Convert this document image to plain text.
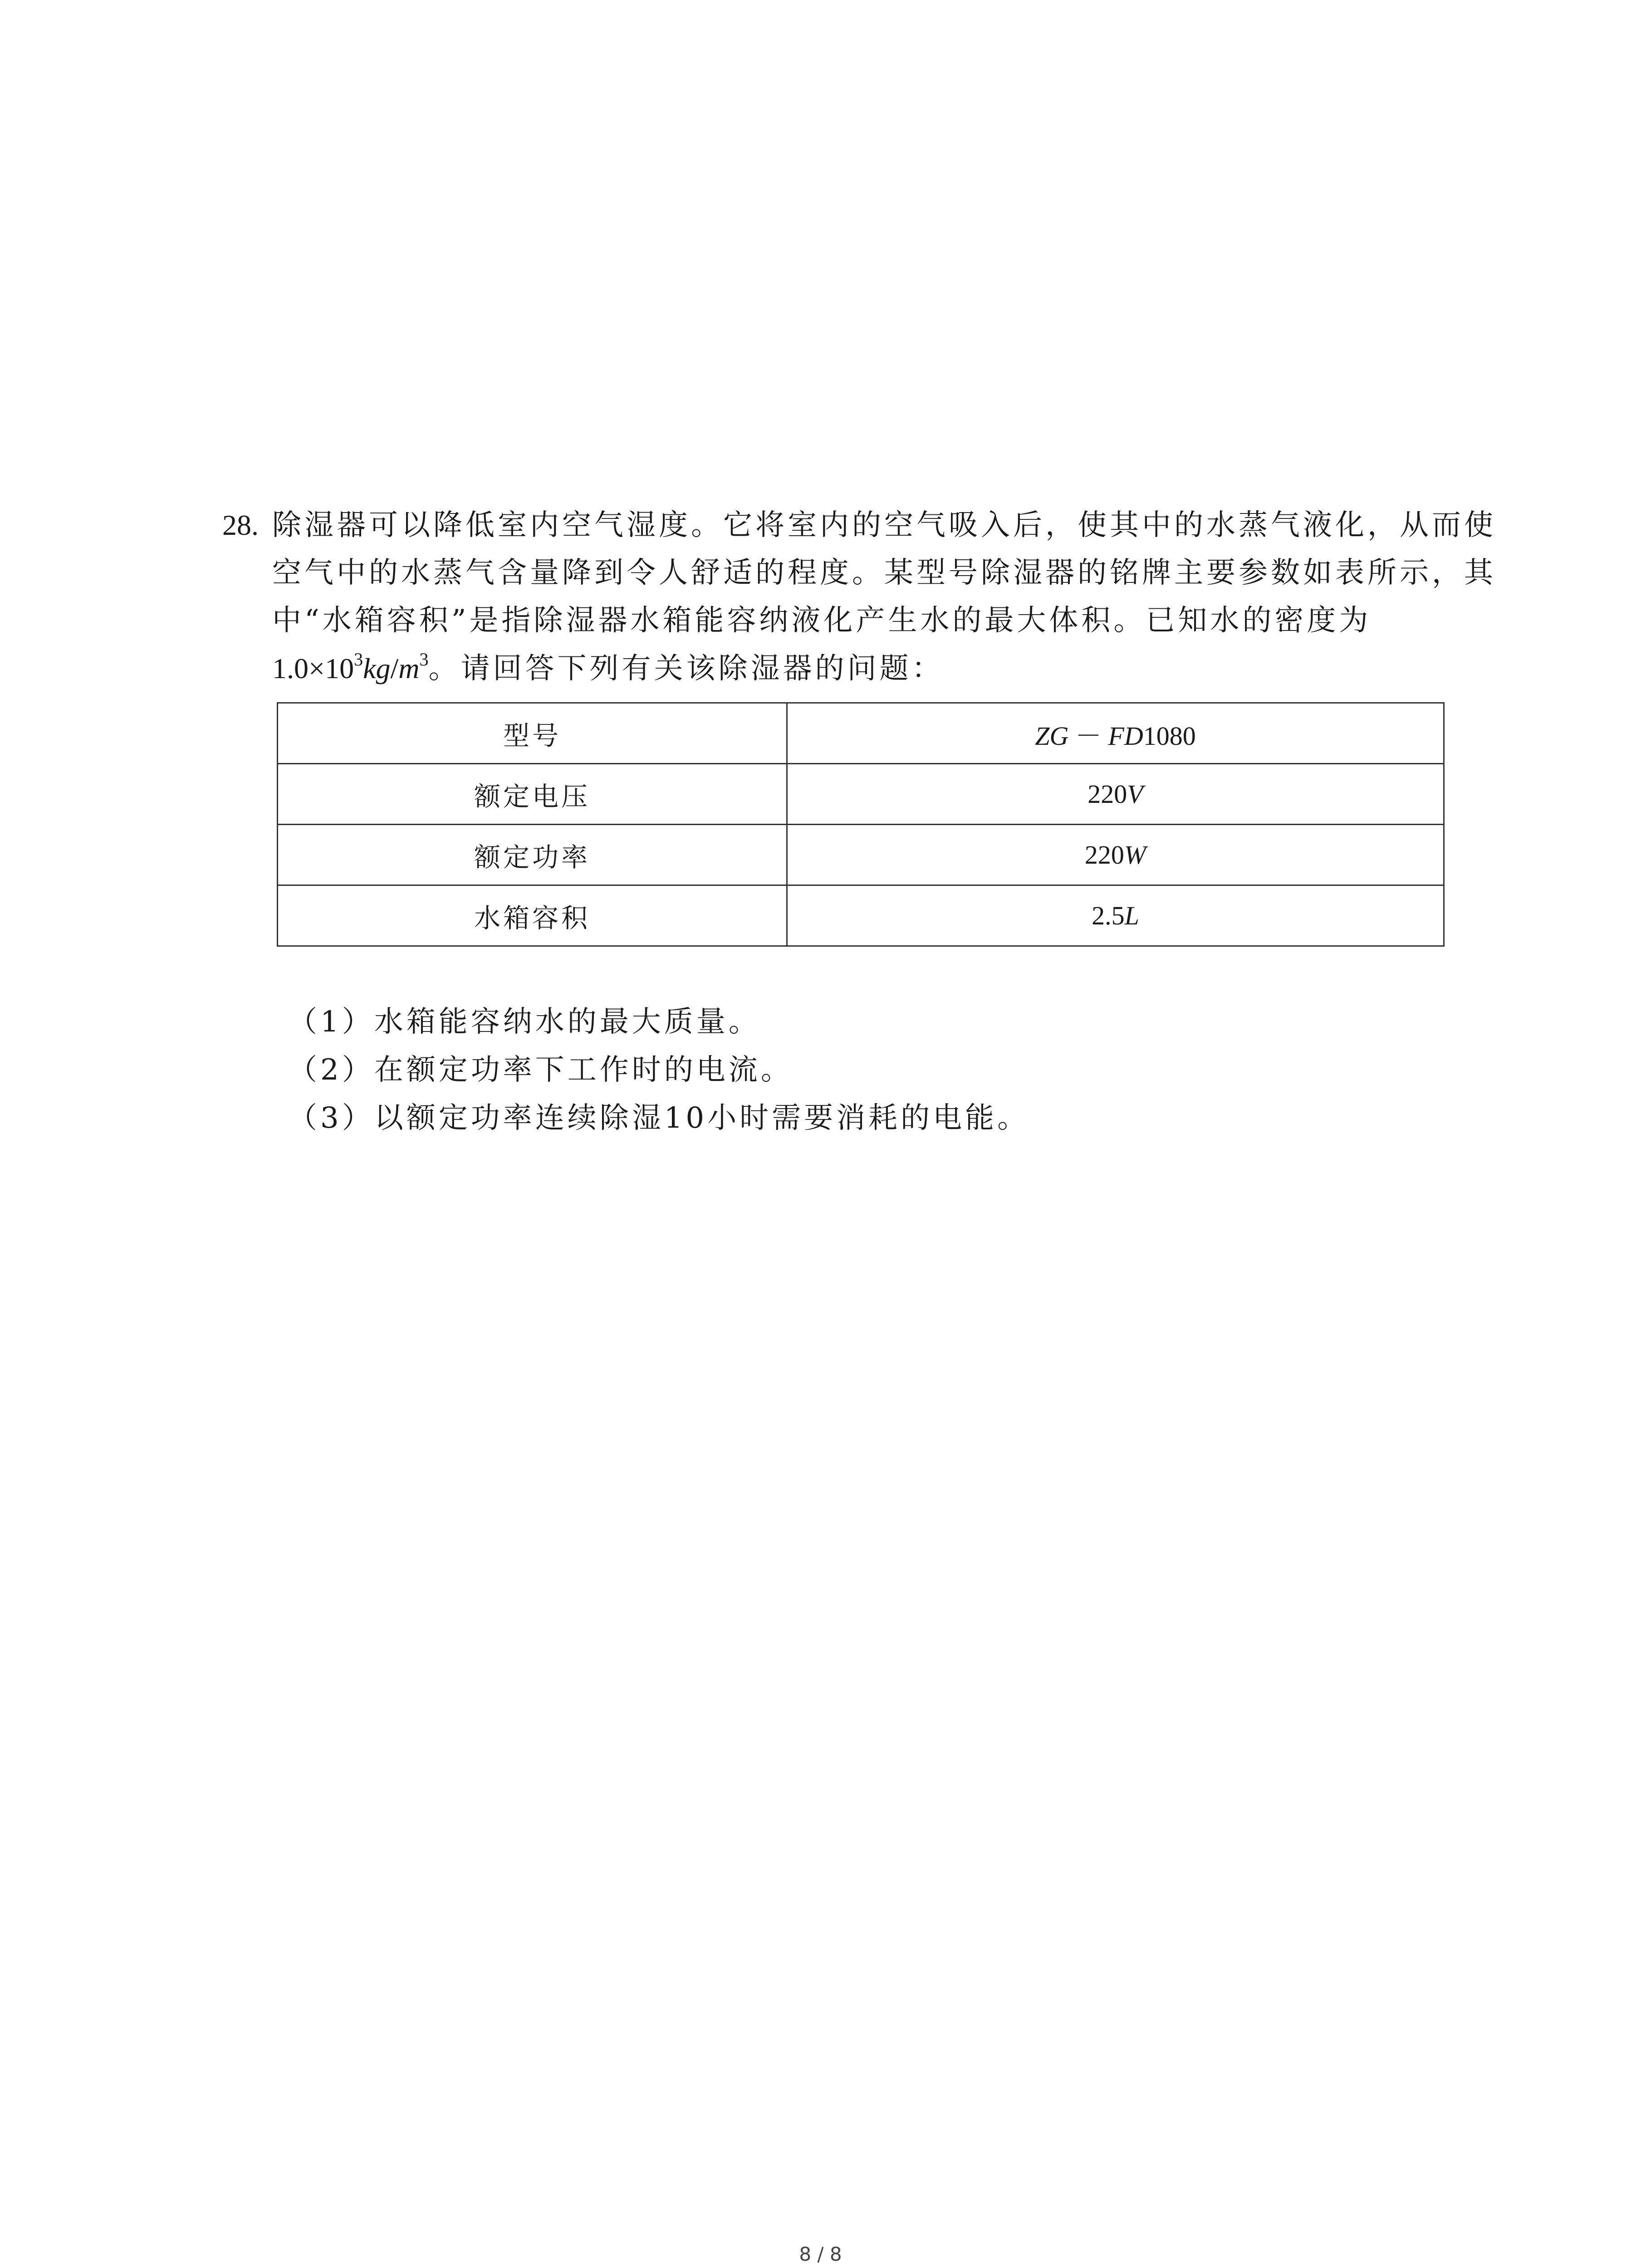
28. 除湿器可以降低室内空气湿度。它将室内的空气吸入后，使其中的水蒸气液化，从而使
空气中的水蒸气含量降到令人舒适的程度。某型号除湿器的铭牌主要参数如表所示，其
中“水箱容积”是指除湿器水箱能容纳液化产生水的最大体积。已知水的密度为
$1.0\times 10^3kg/m^3$。请回答下列有关该除湿器的问题：
型号	ZG － FD1080
额定电压	220V
额定功率	220W
水箱容积	2.5L
（1）水箱能容纳水的最大质量。
（2）在额定功率下工作时的电流。
（3）以额定功率连续除湿10小时需要消耗的电能。
8 / 8
